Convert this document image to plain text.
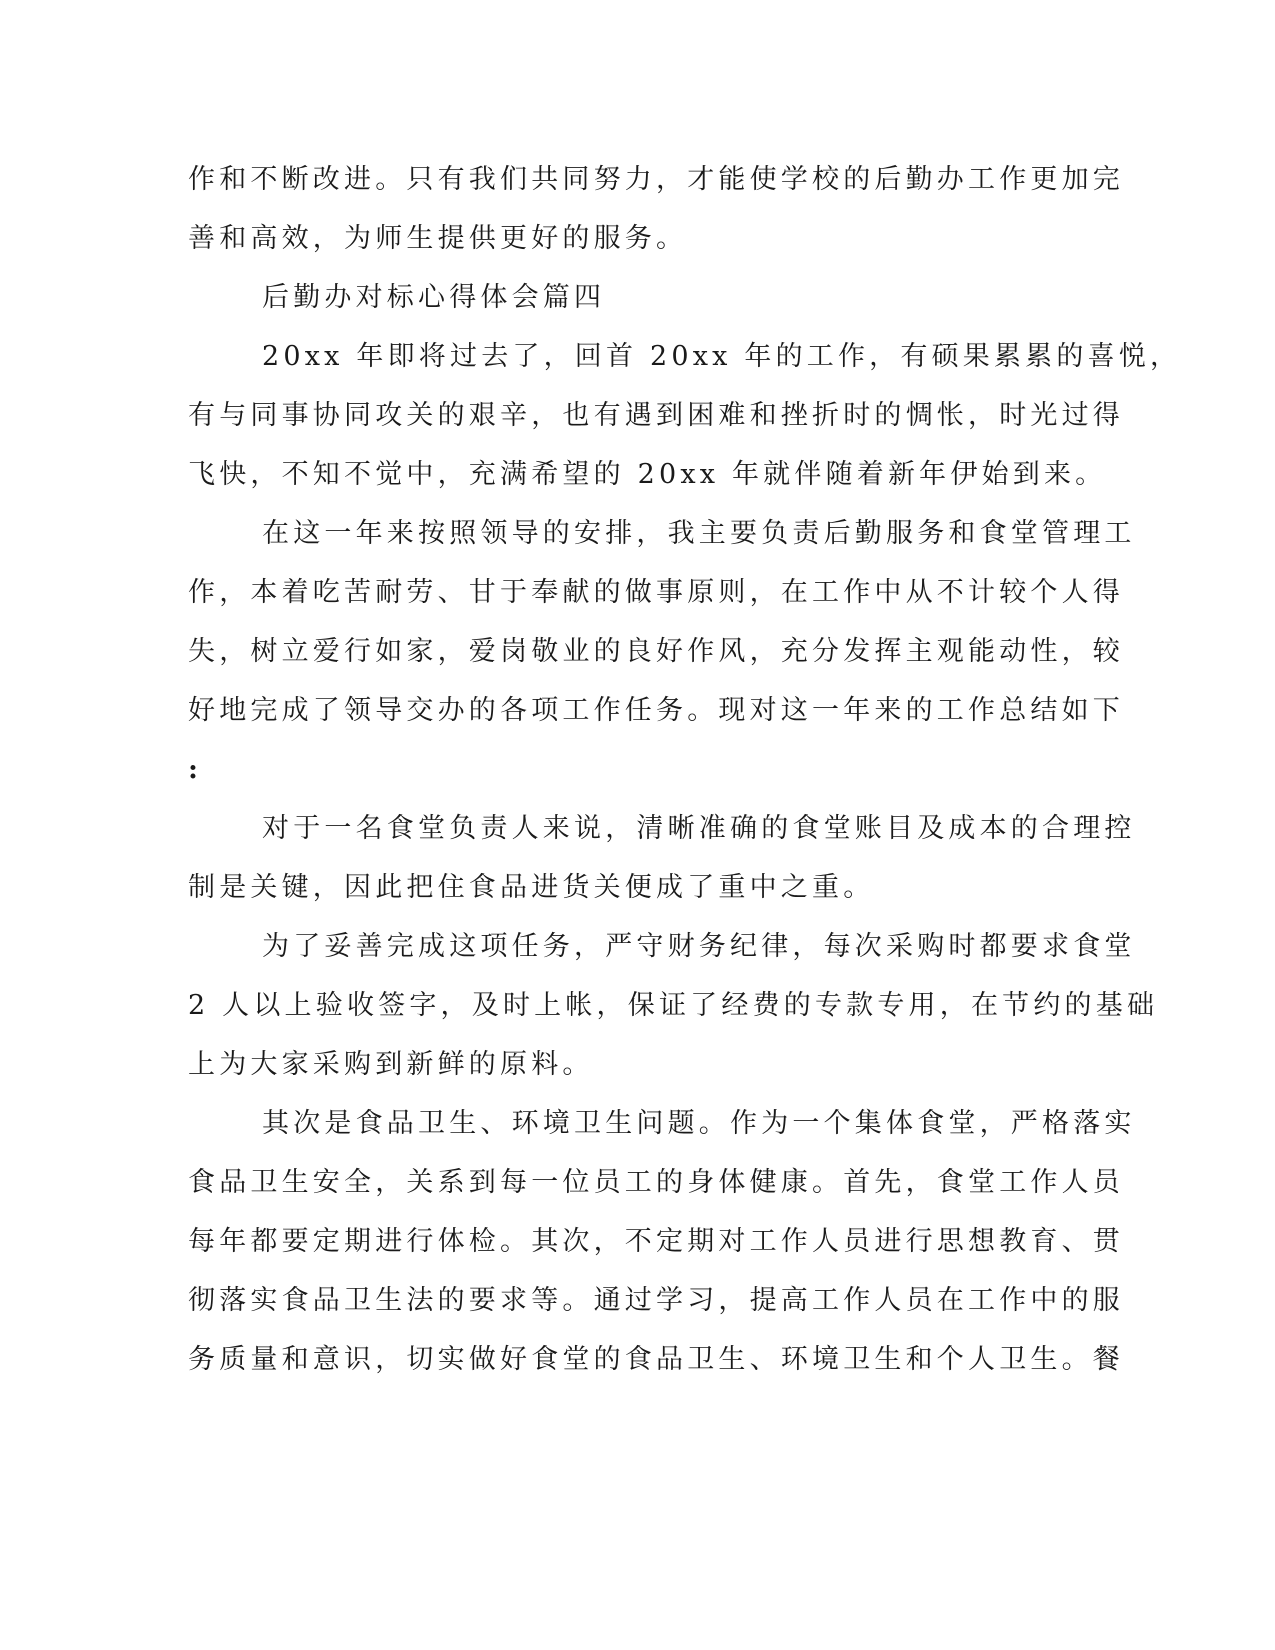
作和不断改进。只有我们共同努力，才能使学校的后勤办工作更加完
善和高效，为师生提供更好的服务。
后勤办对标心得体会篇四
20xx 年即将过去了，回首 20xx 年的工作，有硕果累累的喜悦，
有与同事协同攻关的艰辛，也有遇到困难和挫折时的惆怅，时光过得
飞快，不知不觉中，充满希望的 20xx 年就伴随着新年伊始到来。
在这一年来按照领导的安排，我主要负责后勤服务和食堂管理工
作，本着吃苦耐劳、甘于奉献的做事原则，在工作中从不计较个人得
失，树立爱行如家，爱岗敬业的良好作风，充分发挥主观能动性，较
好地完成了领导交办的各项工作任务。现对这一年来的工作总结如下
:
对于一名食堂负责人来说，清晰准确的食堂账目及成本的合理控
制是关键，因此把住食品进货关便成了重中之重。
为了妥善完成这项任务，严守财务纪律，每次采购时都要求食堂
2 人以上验收签字，及时上帐，保证了经费的专款专用，在节约的基础
上为大家采购到新鲜的原料。
其次是食品卫生、环境卫生问题。作为一个集体食堂，严格落实
食品卫生安全，关系到每一位员工的身体健康。首先，食堂工作人员
每年都要定期进行体检。其次，不定期对工作人员进行思想教育、贯
彻落实食品卫生法的要求等。通过学习，提高工作人员在工作中的服
务质量和意识，切实做好食堂的食品卫生、环境卫生和个人卫生。餐
